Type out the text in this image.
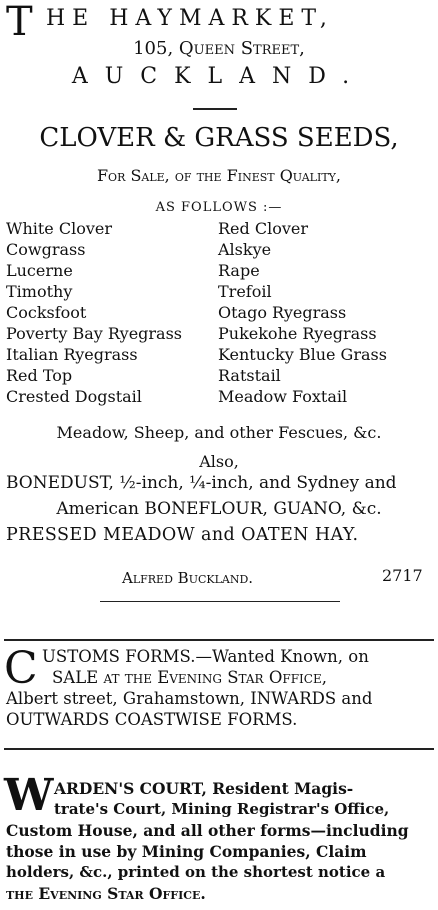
T HE HAYMARKET,
105, Queen Street,
AUCKLAND.
CLOVER & GRASS SEEDS,
For Sale, of the Finest Quality,
AS FOLLOWS :—
White Clover
Cowgrass
Lucerne
Timothy
Cocksfoot
Poverty Bay Ryegrass
Italian Ryegrass
Red Top
Crested Dogstail
Red Clover
Alskye
Rape
Trefoil
Otago Ryegrass
Pukekohe Ryegrass
Kentucky Blue Grass
Ratstail
Meadow Foxtail
Meadow, Sheep, and other Fescues, &c.
Also,
BONEDUST, ½-inch, ¼-inch, and Sydney and
American BONEFLOUR, GUANO, &c.
PRESSED MEADOW and OATEN HAY.
Alfred Buckland.	2717
C USTOMS FORMS.—Wanted Known, on
SALE at the Evening Star Office,
Albert street, Grahamstown, INWARDS and
OUTWARDS COASTWISE FORMS.
W ARDEN'S COURT, Resident Magis-
trate's Court, Mining Registrar's Office,
Custom House, and all other forms—including
those in use by Mining Companies, Claim
holders, &c., printed on the shortest notice a
the Evening Star Office.
